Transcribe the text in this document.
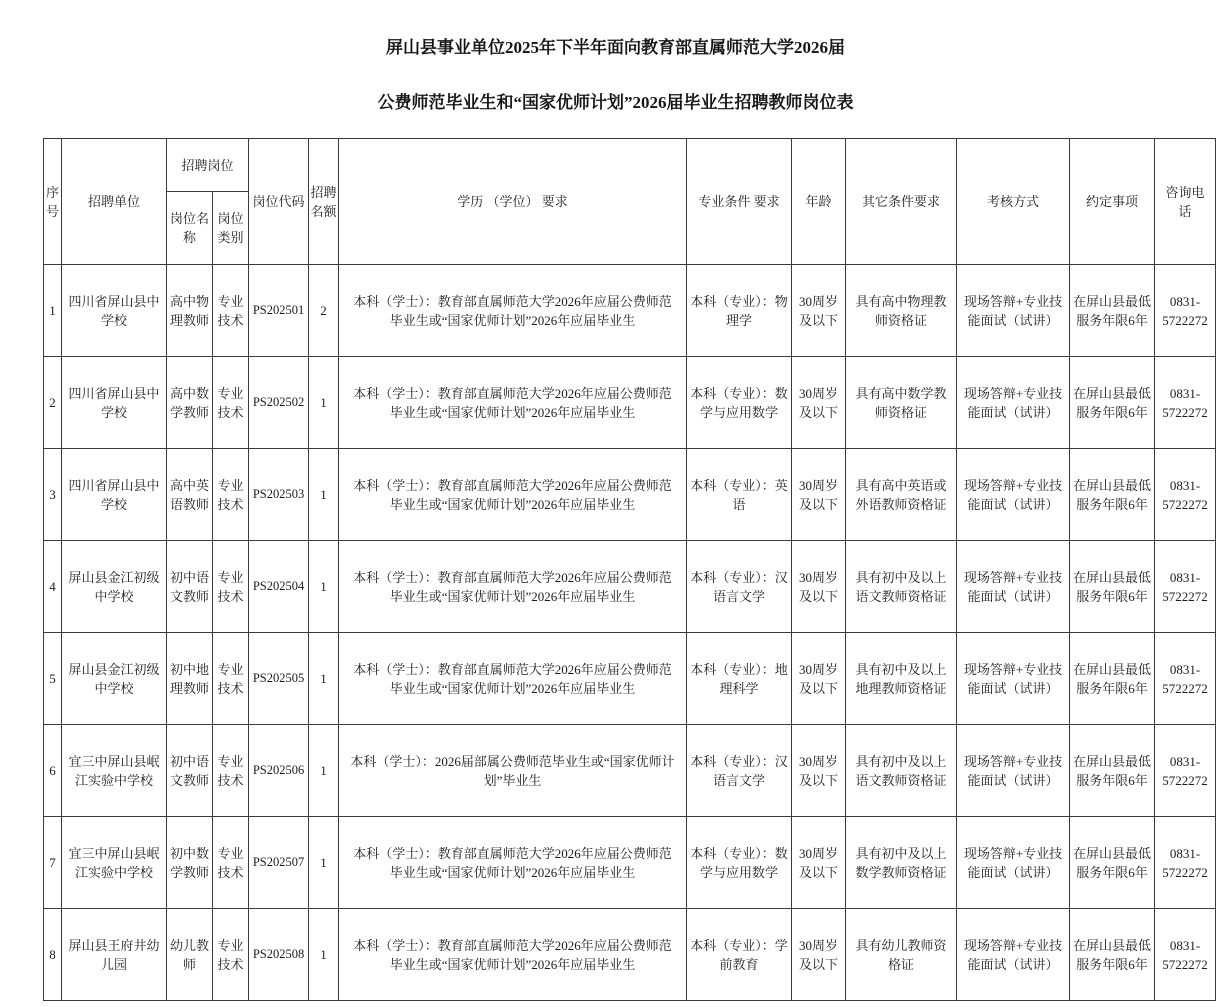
屏山县事业单位2025年下半年面向教育部直属师范大学2026届
公费师范毕业生和“国家优师计划”2026届毕业生招聘教师岗位表
序号	招聘单位	招聘岗位		岗位代码	招聘名额	学历 （学位） 要求	专业条件 要求	年龄	其它条件要求	考核方式	约定事项	咨询电话
		岗位名称	岗位类别									
1	四川省屏山县中学校	高中物理教师	专业技术	PS202501	2	本科（学士）：教育部直属师范大学2026年应届公费师范毕业生或“国家优师计划”2026年应届毕业生	本科（专业）：物理学	30周岁及以下	具有高中物理教师资格证	现场答辩+专业技能面试（试讲）	在屏山县最低服务年限6年	0831-5722272
2	四川省屏山县中学校	高中数学教师	专业技术	PS202502	1	本科（学士）：教育部直属师范大学2026年应届公费师范毕业生或“国家优师计划”2026年应届毕业生	本科（专业）：数学与应用数学	30周岁及以下	具有高中数学教师资格证	现场答辩+专业技能面试（试讲）	在屏山县最低服务年限6年	0831-5722272
3	四川省屏山县中学校	高中英语教师	专业技术	PS202503	1	本科（学士）：教育部直属师范大学2026年应届公费师范毕业生或“国家优师计划”2026年应届毕业生	本科（专业）：英语	30周岁及以下	具有高中英语或外语教师资格证	现场答辩+专业技能面试（试讲）	在屏山县最低服务年限6年	0831-5722272
4	屏山县金江初级中学校	初中语文教师	专业技术	PS202504	1	本科（学士）：教育部直属师范大学2026年应届公费师范毕业生或“国家优师计划”2026年应届毕业生	本科（专业）：汉语言文学	30周岁及以下	具有初中及以上语文教师资格证	现场答辩+专业技能面试（试讲）	在屏山县最低服务年限6年	0831-5722272
5	屏山县金江初级中学校	初中地理教师	专业技术	PS202505	1	本科（学士）：教育部直属师范大学2026年应届公费师范毕业生或“国家优师计划”2026年应届毕业生	本科（专业）：地理科学	30周岁及以下	具有初中及以上地理教师资格证	现场答辩+专业技能面试（试讲）	在屏山县最低服务年限6年	0831-5722272
6	宜三中屏山县岷江实验中学校	初中语文教师	专业技术	PS202506	1	本科（学士）：2026届部属公费师范毕业生或“国家优师计划”毕业生	本科（专业）：汉语言文学	30周岁及以下	具有初中及以上语文教师资格证	现场答辩+专业技能面试（试讲）	在屏山县最低服务年限6年	0831-5722272
7	宜三中屏山县岷江实验中学校	初中数学教师	专业技术	PS202507	1	本科（学士）：教育部直属师范大学2026年应届公费师范毕业生或“国家优师计划”2026年应届毕业生	本科（专业）：数学与应用数学	30周岁及以下	具有初中及以上数学教师资格证	现场答辩+专业技能面试（试讲）	在屏山县最低服务年限6年	0831-5722272
8	屏山县王府井幼儿园	幼儿教师	专业技术	PS202508	1	本科（学士）：教育部直属师范大学2026年应届公费师范毕业生或“国家优师计划”2026年应届毕业生	本科（专业）：学前教育	30周岁及以下	具有幼儿教师资格证	现场答辩+专业技能面试（试讲）	在屏山县最低服务年限6年	0831-5722272
